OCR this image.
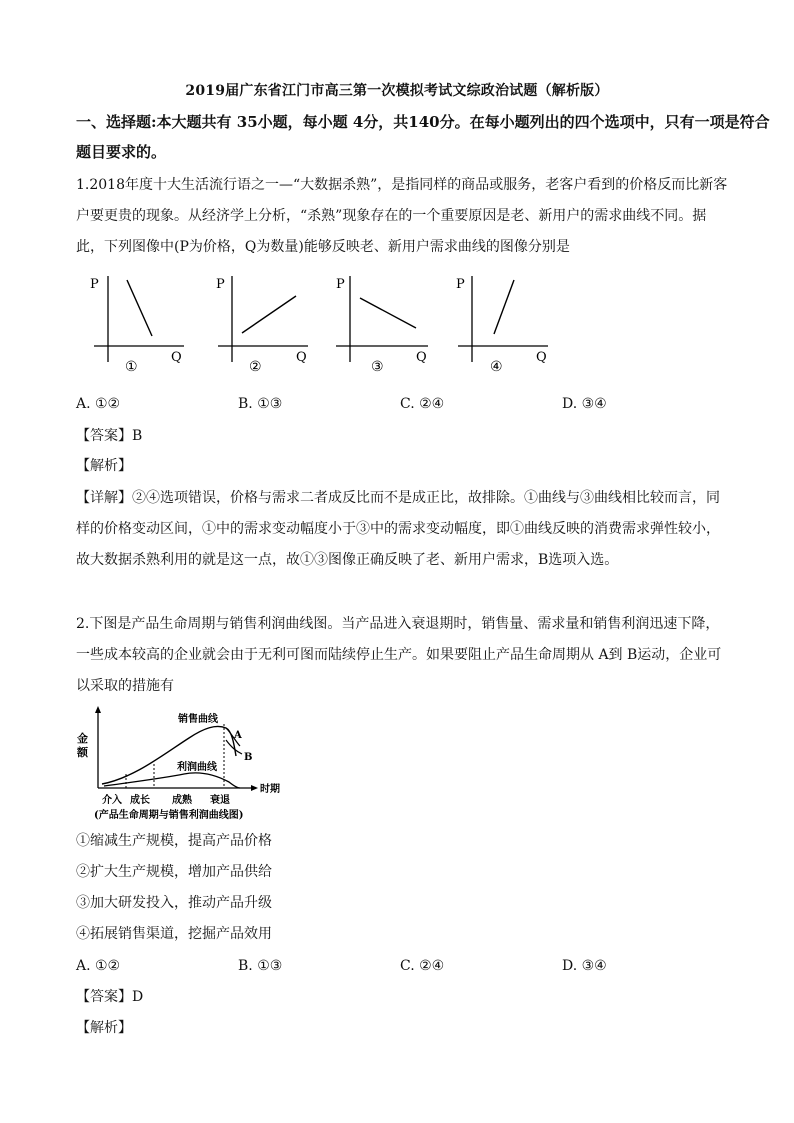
2019届广东省江门市高三第一次模拟考试文综政治试题（解析版）
一、选择题:本大题共有 35小题，每小题 4分，共140分。在每小题列出的四个选项中，只有一项是符合
题目要求的。
1.2018年度十大生活流行语之一—“大数据杀熟”，是指同样的商品或服务，老客户看到的价格反而比新客
户要更贵的现象。从经济学上分析，“杀熟”现象存在的一个重要原因是老、新用户的需求曲线不同。据
此，下列图像中(P为价格，Q为数量)能够反映老、新用户需求曲线的图像分别是
P
Q
①
P
Q
②
P
Q
③
P
Q
④
A. ①②	B. ①③	C. ②④	D. ③④
【答案】B
【解析】
【详解】②④选项错误，价格与需求二者成反比而不是成正比，故排除。①曲线与③曲线相比较而言，同
样的价格变动区间，①中的需求变动幅度小于③中的需求变动幅度，即①曲线反映的消费需求弹性较小，
故大数据杀熟利用的就是这一点，故①③图像正确反映了老、新用户需求，B选项入选。
2.下图是产品生命周期与销售利润曲线图。当产品进入衰退期时，销售量、需求量和销售利润迅速下降，
一些成本较高的企业就会由于无利可图而陆续停止生产。如果要阻止产品生命周期从 A到 B运动，企业可
以采取的措施有
金
额
销售曲线
利润曲线
A
B
时期
介入 成长 成熟 衰退
(产品生命周期与销售利润曲线图)
①缩减生产规模，提高产品价格
②扩大生产规模，增加产品供给
③加大研发投入，推动产品升级
④拓展销售渠道，挖掘产品效用
A. ①②	B. ①③	C. ②④	D. ③④
【答案】D
【解析】
